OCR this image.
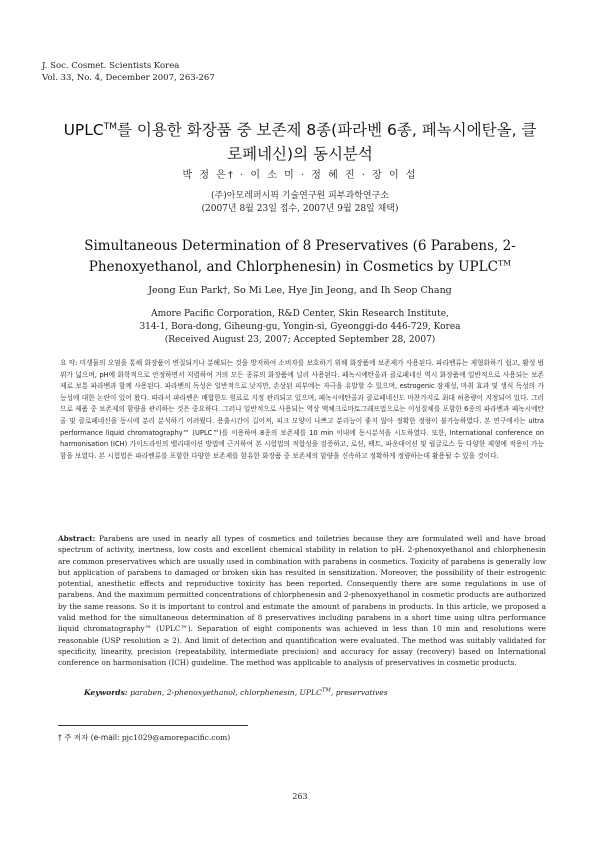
J. Soc. Cosmet. Scientists Korea
Vol. 33, No. 4, December 2007, 263-267
UPLC™를 이용한 화장품 중 보존제 8종(파라벤 6종, 페녹시에탄올, 클로페네신)의 동시분석
박 정 은† · 이 소 미 · 정 혜 진 · 장 이 섭
(주)아모레퍼시픽 기술연구원 피부과학연구소
(2007년 8월 23일 접수, 2007년 9월 28일 채택)
Simultaneous Determination of 8 Preservatives (6 Parabens, 2-Phenoxyethanol, and Chlorphenesin) in Cosmetics by UPLC™
Jeong Eun Park†, So Mi Lee, Hye Jin Jeong, and Ih Seop Chang
Amore Pacific Corporation, R&D Center, Skin Research Institute,
314-1, Bora-dong, Giheung-gu, Yongin-si, Gyeonggi-do 446-729, Korea
(Received August 23, 2007; Accepted September 28, 2007)
요 약: 미생물의 오염을 통해 화장품이 변질되거나 분해되는 것을 방지하여 소비자를 보호하기 위해 화장품에 보존제가 사용된다. 파라벤류는 제형화하기 쉽고, 활성 범위가 넓으며, pH에 화학적으로 안정하면서 저렴하여 거의 모든 종류의 화장품에 널리 사용된다. 페녹시에탄올과 클로페네신 역시 화장품에 일반적으로 사용되는 보존제로 보통 파라벤과 함께 사용된다. 파라벤의 독성은 일반적으로 낮지만, 손상된 피부에는 자극을 유발할 수 있으며, estrogenic 잠재성, 마취 효과 및 생식 독성의 가능성에 대한 논란이 있어 왔다. 따라서 파라벤은 배합한도 원료로 지정 관리되고 있으며, 페녹시에탄올과 클로페네신도 마찬가지로 최대 허용량이 지정되어 있다. 그러므로 제품 중 보존제의 함량을 관리하는 것은 중요하다. 그러나 일반적으로 사용되는 역상 액체크로마토그래프법으로는 이성질체를 포함한 6종의 파라벤과 페녹시에탄올 및 클로페네신을 동시에 분리 분석하기 어려웠다. 용출시간이 길어져, 피크 모양이 나쁘고 분리능이 좋지 않아 정확한 정량이 불가능하였다. 본 연구에서는 ultra performance liquid chromatography™ (UPLC™)를 이용하여 8종의 보존제를 10 min 이내에 동시분석을 시도하였다. 또한, International conference on harmonisation (ICH) 가이드라인의 밸리데이션 방법에 근거하여 본 시험법의 적합성을 검증하고, 로션, 팩트, 파운데이션 및 립글로스 등 다양한 제형에 적용이 가능함을 보였다. 본 시험법은 파라벤류를 포함한 다양한 보존제를 함유한 화장품 중 보존제의 함량을 신속하고 정확하게 정량하는데 활용될 수 있을 것이다.
Abstract: Parabens are used in nearly all types of cosmetics and toiletries because they are formulated well and have broad spectrum of activity, inertness, low costs and excellent chemical stability in relation to pH. 2-phenoxyethanol and chlorphenesin are common preservatives which are usually used in combination with parabens in cosmetics. Toxicity of parabens is generally low but application of parabens to damaged or broken skin has resulted in sensitization. Moreover, the possibility of their estrogenic potential, anesthetic effects and reproductive toxicity has been reported. Consequently there are some regulations in use of parabens. And the maximum permitted concentrations of chlorphenesin and 2-phenoxyethanol in cosmetic products are authorized by the same reasons. So it is important to control and estimate the amount of parabens in products. In this article, we proposed a valid method for the simultaneous determination of 8 preservatives including parabens in a short time using ultra performance liquid chromatography™ (UPLC™). Separation of eight components was achieved in less than 10 min and resolutions were reasonable (USP resolution ≥ 2). And limit of detection and quantification were evaluated. The method was suitably validated for specificity, linearity, precision (repeatability, intermediate precision) and accuracy for assay (recovery) based on International conference on harmonisation (ICH) guideline. The method was applicable to analysis of preservatives in cosmetic products.
Keywords: paraben, 2-phenoxyethanol, chlorphenesin, UPLC™, preservatives
† 주 저자 (e-mail: pjc1029@amorepacific.com)
263
